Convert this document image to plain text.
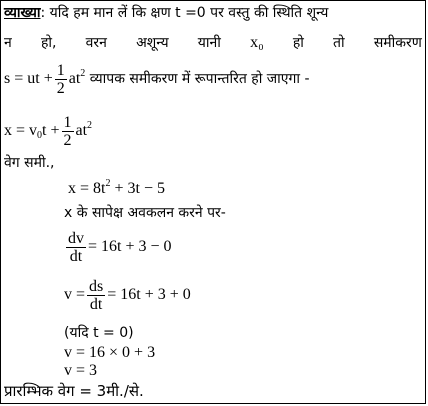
व्याख्या: यदि हम मान लें कि क्षण t =0 पर वस्तु की स्थिति शून्य
न हो, वरन अशून्य यानी x₀ हो तो समीकरण
s = ut + $\frac{1}{2} at^2$ व्यापक समीकरण में रूपान्तरित हो जाएगा -
$x = v_0t + \frac{1}{2} at^2$
वेग समी.,
$x = 8t^2 + 3t - 5$
x के सापेक्ष अवकलन करने पर-
$\frac{dv}{dt} = 16t + 3 - 0$
$v = \frac{ds}{dt} = 16t + 3 + 0$
(यदि t = 0)
v = 16 × 0 + 3
v = 3
प्रारम्भिक वेग = 3मी./से.
